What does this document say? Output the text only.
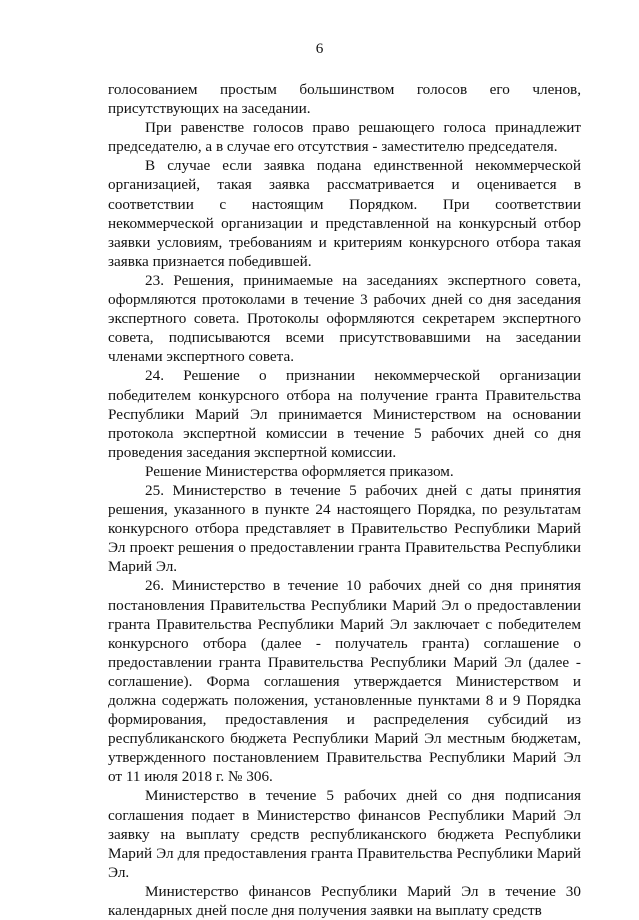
6

голосованием простым большинством голосов его членов, присутствующих на заседании.

При равенстве голосов право решающего голоса принадлежит председателю, а в случае его отсутствия - заместителю председателя.

В случае если заявка подана единственной некоммерческой организацией, такая заявка рассматривается и оценивается в соответствии с настоящим Порядком. При соответствии некоммерческой организации и представленной на конкурсный отбор заявки условиям, требованиям и критериям конкурсного отбора такая заявка признается победившей.

23. Решения, принимаемые на заседаниях экспертного совета, оформляются протоколами в течение 3 рабочих дней со дня заседания экспертного совета. Протоколы оформляются секретарем экспертного совета, подписываются всеми присутствовавшими на заседании членами экспертного совета.

24. Решение о признании некоммерческой организации победителем конкурсного отбора на получение гранта Правительства Республики Марий Эл принимается Министерством на основании протокола экспертной комиссии в течение 5 рабочих дней со дня проведения заседания экспертной комиссии.

Решение Министерства оформляется приказом.

25. Министерство в течение 5 рабочих дней с даты принятия решения, указанного в пункте 24 настоящего Порядка, по результатам конкурсного отбора представляет в Правительство Республики Марий Эл проект решения о предоставлении гранта Правительства Республики Марий Эл.

26. Министерство в течение 10 рабочих дней со дня принятия постановления Правительства Республики Марий Эл о предоставлении гранта Правительства Республики Марий Эл заключает с победителем конкурсного отбора (далее - получатель гранта) соглашение о предоставлении гранта Правительства Республики Марий Эл (далее - соглашение). Форма соглашения утверждается Министерством и должна содержать положения, установленные пунктами 8 и 9 Порядка формирования, предоставления и распределения субсидий из республиканского бюджета Республики Марий Эл местным бюджетам, утвержденного постановлением Правительства Республики Марий Эл от 11 июля 2018 г. № 306.

Министерство в течение 5 рабочих дней со дня подписания соглашения подает в Министерство финансов Республики Марий Эл заявку на выплату средств республиканского бюджета Республики Марий Эл для предоставления гранта Правительства Республики Марий Эл.

Министерство финансов Республики Марий Эл в течение 30 календарных дней после дня получения заявки на выплату средств
